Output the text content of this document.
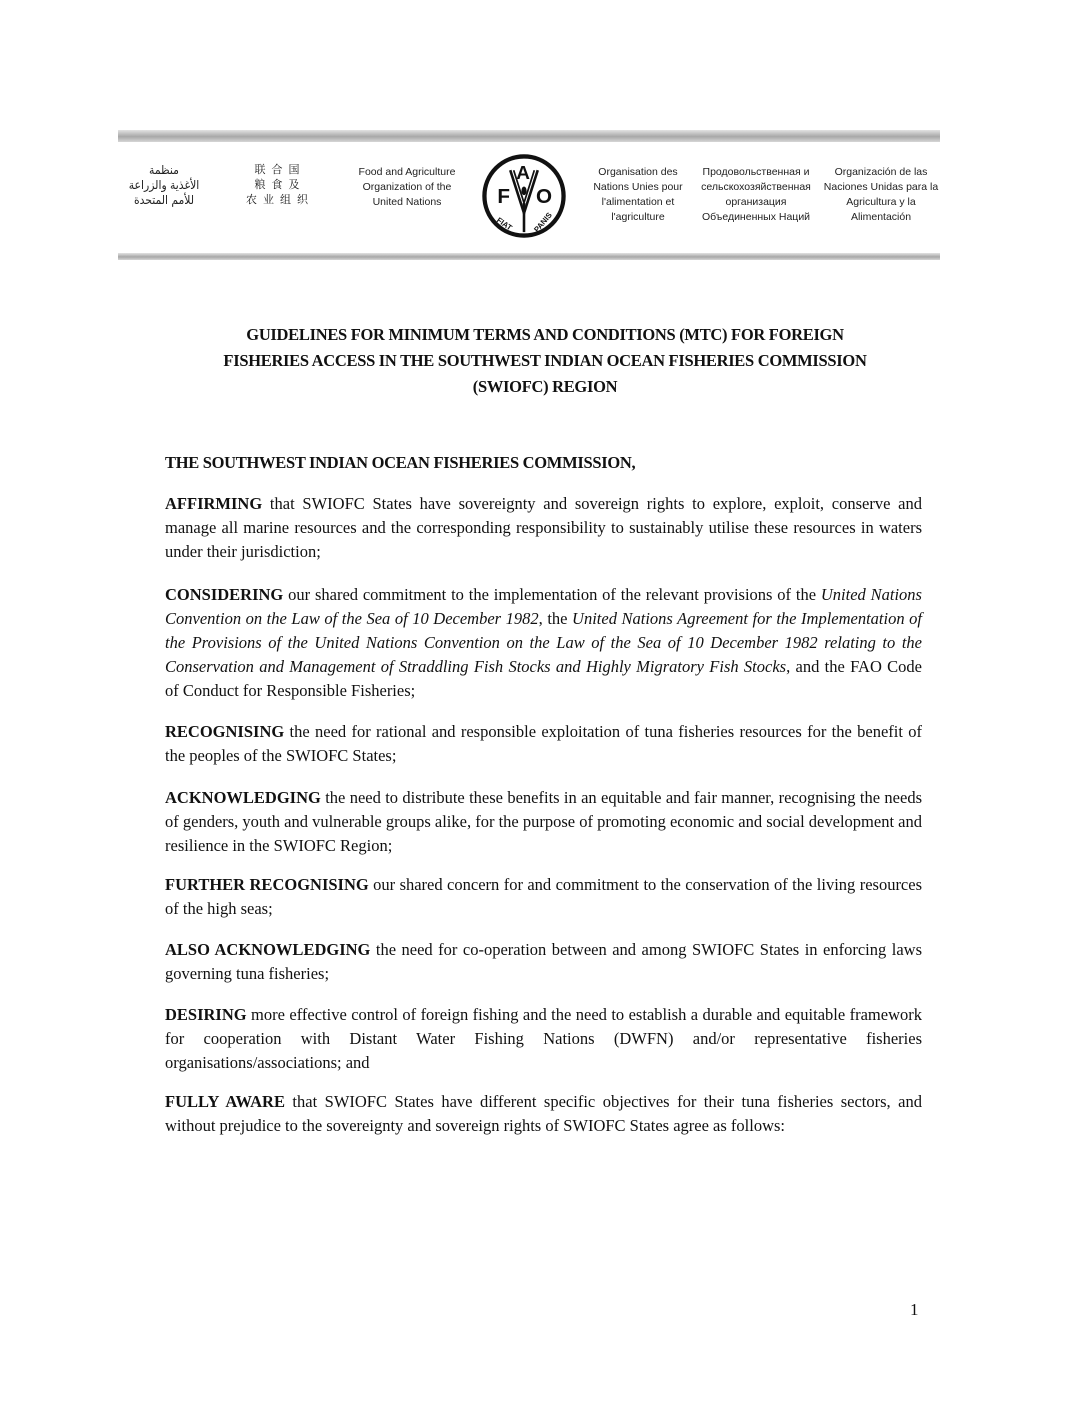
منظمة
الأغذية والزراعة
للأمم المتحدة
联合国
粮食及
农业组织
Food and Agriculture
Organization of the
United Nations	F
A
O
FIAT PANIS
Organisation des
Nations Unies pour
l'alimentation et
l'agriculture
Продовольственная и
сельскохозяйственная
организация
Объединенных Наций
Organización de las
Naciones Unidas para la
Agricultura y la
Alimentación
GUIDELINES FOR MINIMUM TERMS AND CONDITIONS (MTC) FOR FOREIGN
FISHERIES ACCESS IN THE SOUTHWEST INDIAN OCEAN FISHERIES COMMISSION
(SWIOFC) REGION
THE SOUTHWEST INDIAN OCEAN FISHERIES COMMISSION,
AFFIRMING that SWIOFC States have sovereignty and sovereign rights to explore, exploit, conserve and manage all marine resources and the corresponding responsibility to sustainably utilise these resources in waters under their jurisdiction;
CONSIDERING our shared commitment to the implementation of the relevant provisions of the United Nations Convention on the Law of the Sea of 10 December 1982, the United Nations Agreement for the Implementation of the Provisions of the United Nations Convention on the Law of the Sea of 10 December 1982 relating to the Conservation and Management of Straddling Fish Stocks and Highly Migratory Fish Stocks, and the FAO Code of Conduct for Responsible Fisheries;
RECOGNISING the need for rational and responsible exploitation of tuna fisheries resources for the benefit of the peoples of the SWIOFC States;
ACKNOWLEDGING the need to distribute these benefits in an equitable and fair manner, recognising the needs of genders, youth and vulnerable groups alike, for the purpose of promoting economic and social development and resilience in the SWIOFC Region;
FURTHER RECOGNISING our shared concern for and commitment to the conservation of the living resources of the high seas;
ALSO ACKNOWLEDGING the need for co-operation between and among SWIOFC States in enforcing laws governing tuna fisheries;
DESIRING more effective control of foreign fishing and the need to establish a durable and equitable framework for cooperation with Distant Water Fishing Nations (DWFN) and/or representative fisheries organisations/associations; and
FULLY AWARE that SWIOFC States have different specific objectives for their tuna fisheries sectors, and without prejudice to the sovereignty and sovereign rights of SWIOFC States agree as follows:
1
